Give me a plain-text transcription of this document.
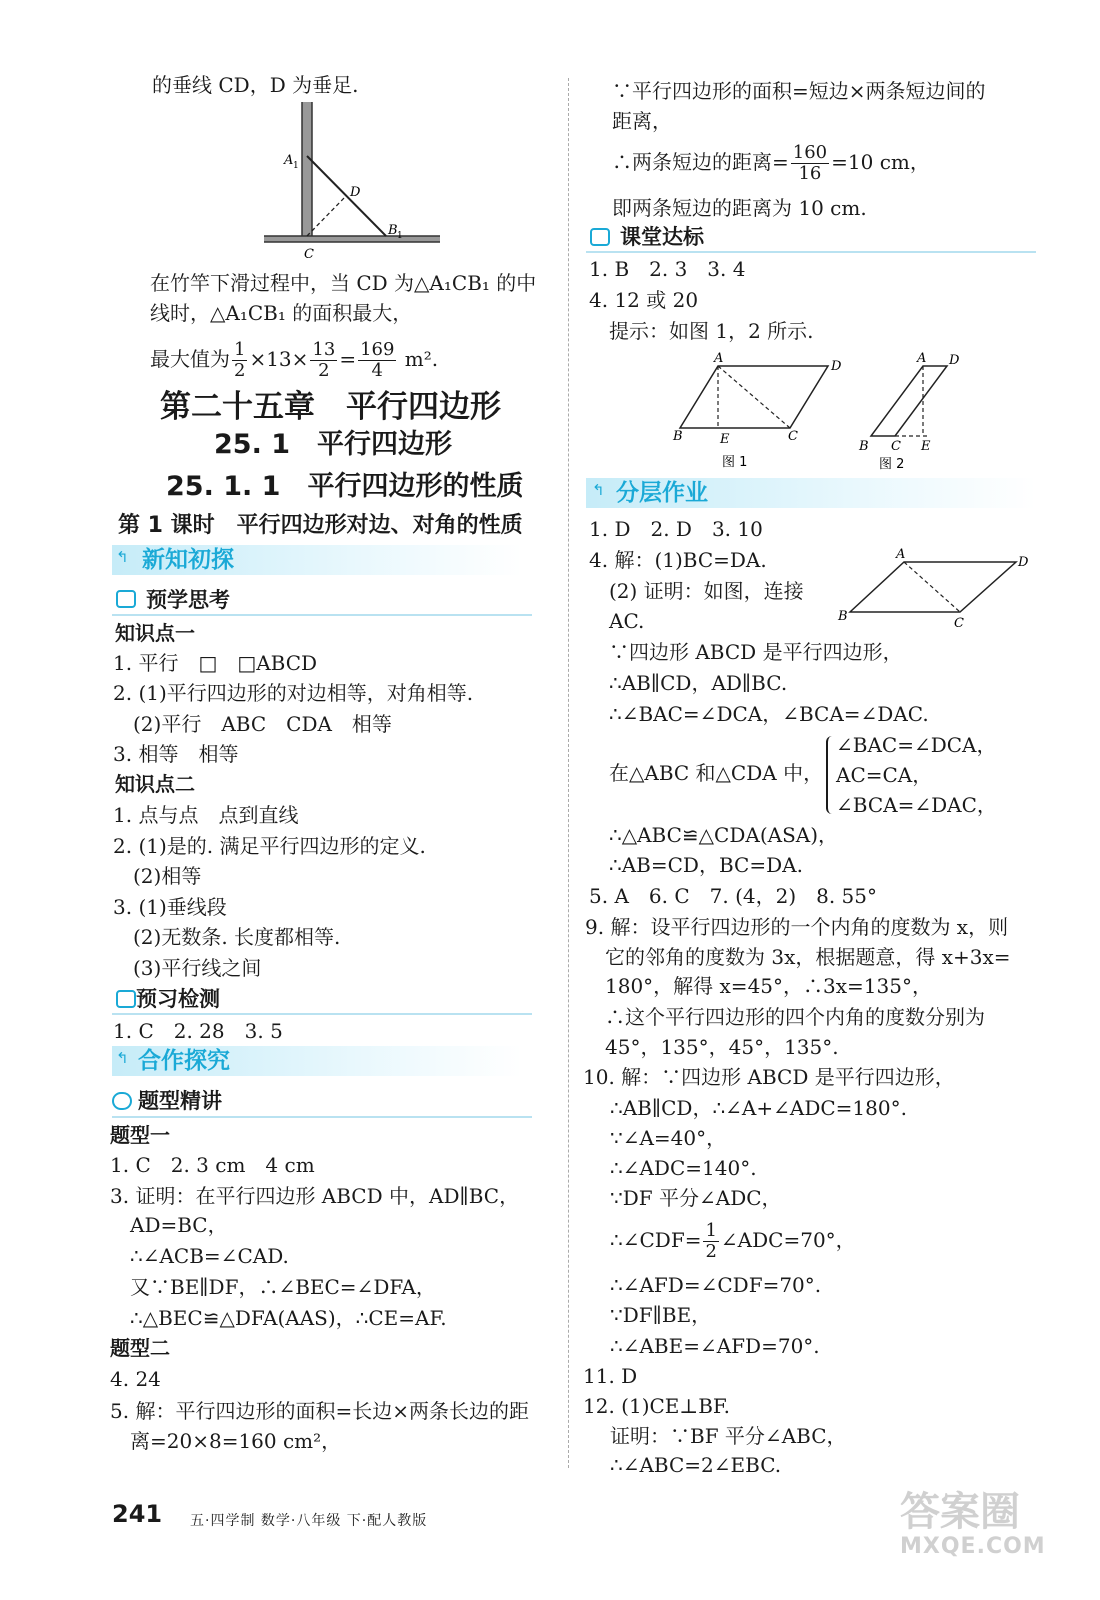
的垂线 CD，D 为垂足.
A 1
D
B 1
C
在竹竿下滑过程中，当 CD 为△A₁CB₁ 的中
线时，△A₁CB₁ 的面积最大，
最大值为 $\frac{1}{2} \times 13\times \frac{13}{2} = \frac{169}{4} m^2$.
第二十五章　平行四边形
25. 1　平行四边形
25. 1. 1　平行四边形的性质
第 1 课时　平行四边形对边、对角的性质
↰ 新知初探
预学思考
知识点一
1. 平行　□　□ABCD
2. (1)平行四边形的对边相等，对角相等.
(2)平行　ABC　CDA　相等
3. 相等　相等
知识点二
1. 点与点　点到直线
2. (1)是的. 满足平行四边形的定义.
(2)相等
3. (1)垂线段
(2)无数条. 长度都相等.
(3)平行线之间
预习检测
1. C　2. 28　3. 5
↰ 合作探究
题型精讲
题型一
1. C　2. 3 cm　4 cm
3. 证明：在平行四边形 ABCD 中，AD∥BC，
AD=BC，
∴∠ACB=∠CAD.
又∵BE∥DF，∴∠BEC=∠DFA，
∴△BEC≌△DFA(AAS)，∴CE=AF.
题型二
4. 24
5. 解：平行四边形的面积=长边×两条长边的距
离=20×8=160 cm²，
∵平行四边形的面积=短边×两条短边间的
距离，
∴两条短边的距离= $\frac{160}{16} =10$ cm，
即两条短边的距离为 10 cm.
课堂达标
1. B　2. 3　3. 4
4. 12 或 20
提示：如图 1，2 所示.
A
D
B	E	C
图 1
A D
B C E
图 2
↰ 分层作业
1. D　2. D　3. 10
4. 解：(1)BC=DA.
(2) 证明：如图，连接
AC.
A
D
B	C
∵四边形 ABCD 是平行四边形，
∴AB∥CD，AD∥BC.
∴∠BAC=∠DCA，∠BCA=∠DAC.
在△ABC 和△CDA 中，
∠BAC=∠DCA，
AC=CA，
∠BCA=∠DAC，
∴△ABC≌△CDA(ASA)，
∴AB=CD，BC=DA.
5. A　6. C　7. (4，2)　8. 55°
9. 解：设平行四边形的一个内角的度数为 x，则
它的邻角的度数为 3x，根据题意，得 x+3x=
180°，解得 x=45°，∴3x=135°，
∴这个平行四边形的四个内角的度数分别为
45°，135°，45°，135°.
10. 解：∵四边形 ABCD 是平行四边形，
∴AB∥CD，∴∠A+∠ADC=180°.
∵∠A=40°，
∴∠ADC=140°.
∵DF 平分∠ADC，
∴∠CDF= $\frac{1}{2}$ ∠ADC=70°，
∴∠AFD=∠CDF=70°.
∵DF∥BE，
∴∠ABE=∠AFD=70°.
11. D
12. (1)CE⊥BF.
证明：∵BF 平分∠ABC，
∴∠ABC=2∠EBC.
241 五·四学制 数学·八年级 下·配人教版	答案圈
MXQE.COM
